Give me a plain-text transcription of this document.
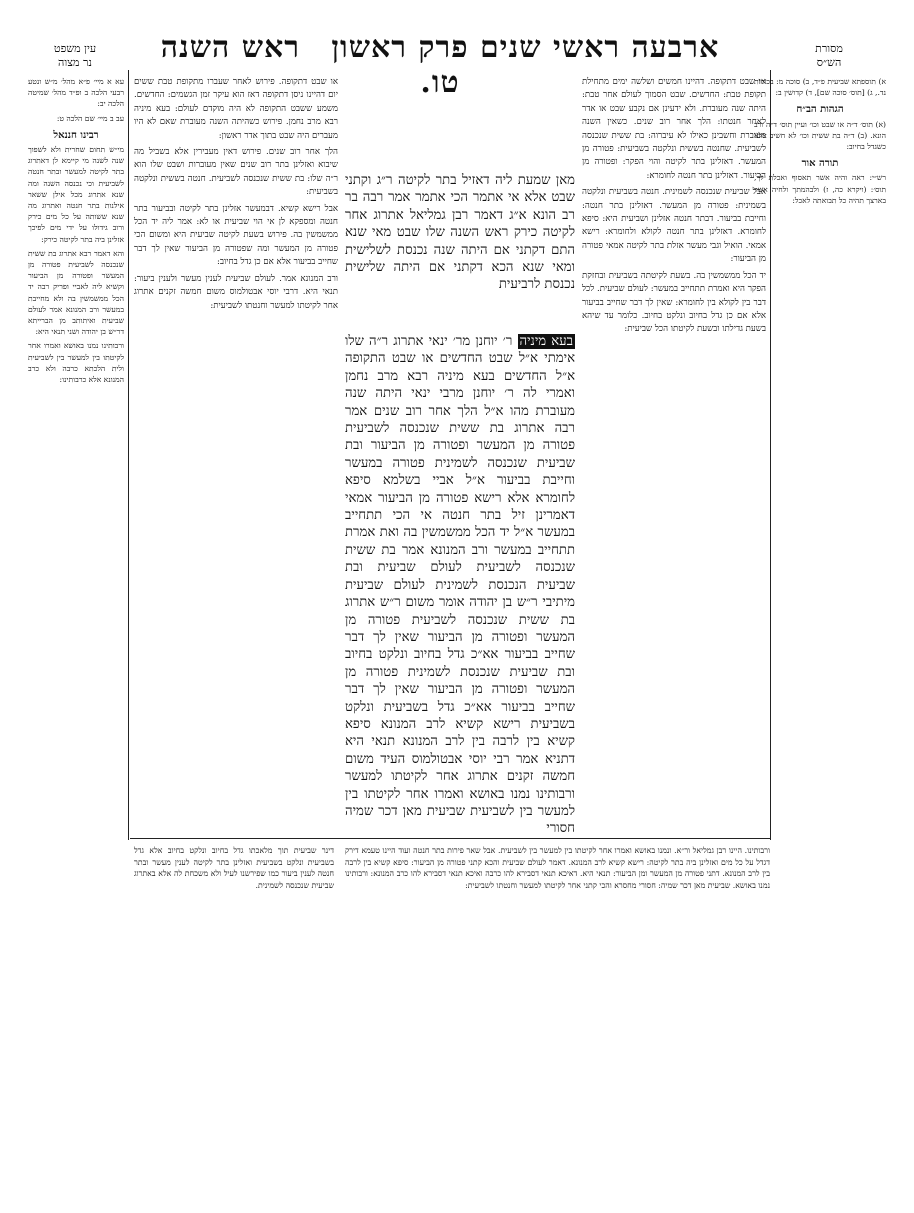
ארבעה ראשי שנים פרק ראשון ראש השנה טו.
עין משפט
נר מצוה
מסורת
הש״ס

א) תוספתא שביעית פ״ד, ב) סוכה מ: בכורות נד., ג) [תוס׳ סוכה שם], ד) קדושין ב:

הגהות הב״ח

(א) תוס׳ ד״ה או שבט וכו׳ ועיין תוס׳ ד״ה ורב הונא. (ב) ד״ה בת ששית וכו׳ לא חשיב אלא כשגדל בחיוב:

תורה אור

רש״י: ראה והיה אשר תאסוף ואכלת לך, תוס׳: (ויקרא כה, ז) ולבהמתך ולחיה אשר בארצך תהיה כל תבואתה לאכל:

עא א מיי׳ פ״א מהל׳ מ״ש ונטע רבעי הלכה ב ופ״ד מהל׳ שמיטה הלכה יב:

עב ב מיי׳ שם הלכה ט:

רבינו חננאל

מי״ש תחום שחרית ולא לשפוך שנה לשנה מי קיימא לן דאתרוג בתר לקיטה למעשר ובתר חנטה לשביעית וכי נכנסה השנה ומה שנא אתרוג מכל אילן ששאר אילנות בתר חנטה ואתרוג מה שנא ששותה על כל מים כירק ורוב גידולו על ידי מים לפיכך אזלינן ביה בתר לקיטה כירק:

והא דאמר רבא אתרוג בת ששית שנכנסה לשביעית פטורה מן המעשר ופטורה מן הביעור וקשיא ליה לאביי ופריק רבה יד הכל ממשמשין בה ולא מחייבת במעשר ורב המנונא אמר לעולם שביעית ואיתותב מן הברייתא דר״ש בן יהודה ושני תנאי היא:

ורבותינו נמנו באושא ואמרו אחר לקיטתו בין למעשר בין לשביעית ולית הלכתא כרבה ולא כרב המנונא אלא כרבותינו:

או שבט דתקופה. דהיינו חמשים ושלשה ימים מתחילת תקופת טבת: החדשים. שבט הסמוך לעולם אחר טבת: היתה שנה מעוברת. ולא ידעינן אם נקבע שבט או אדר לאחר חנטתו: הלך אחר רוב שנים. כשאין השנה מעוברת וחשבינן כאילו לא עיברוה: בת ששית שנכנסה לשביעית. שחנטה בששית ונלקטה בשביעית: פטורה מן המעשר. דאזלינן בתר לקיטה והוי הפקר: ופטורה מן הביעור. דאזלינן בתר חנטה לחומרא:

אבל שביעית שנכנסה לשמינית. חנטה בשביעית ונלקטה בשמינית: פטורה מן המעשר. דאזלינן בתר חנטה: וחייבת בביעור. דבתר חנטה אזלינן ושביעית היא: סיפא לחומרא. דאזלינן בתר חנטה לקולא ולחומרא: רישא אמאי. הואיל וגבי מעשר אזלת בתר לקיטה אמאי פטורה מן הביעור:

יד הכל ממשמשין בה. בשעת לקיטתה בשביעית ובחזקת הפקר היא ואמרת תתחייב במעשר: לעולם שביעית. לכל דבר בין לקולא בין לחומרא: שאין לך דבר שחייב בביעור אלא אם כן גדל בחיוב ונלקט בחיוב. כלומר עד שיהא בשעת גדילתו ובשעת לקיטתו הכל שביעית:

או שבט דתקופה. פירוש לאחר שעברו מתקופת טבת ששים יום דהיינו ניסן דתקופה דאז הוא עיקר זמן הגשמים: החדשים. משמע ששבט התקופה לא היה מוקדם לעולם: בעא מיניה רבא מרב נחמן. פירוש כשהיתה השנה מעוברת שאם לא היו מעברים היה שבט בתוך אדר ראשון:

הלך אחר רוב שנים. פירוש דאין מעבירין אלא בשביל מה שיבוא ואזלינן בתר רוב שנים שאין מעוברות ושבט שלו הוא ר״ה שלו: בת ששית שנכנסה לשביעית. חנטה בששית ונלקטה בשביעית:

אבל רישא קשיא. דבמעשר אזלינן בתר לקיטה ובביעור בתר חנטה ומספקא לן אי הוי שביעית או לא: אמר ליה יד הכל ממשמשין בה. פירוש בשעת לקיטה שביעית היא ומשום הכי פטורה מן המעשר ומה שפטורה מן הביעור שאין לך דבר שחייב בביעור אלא אם כן גדל בחיוב:

ורב המנונא אמר. לעולם שביעית לענין מעשר ולענין ביעור: תנאי היא. דרבי יוסי אבטולמוס משום חמשה זקנים אתרוג אחר לקיטתו למעשר וחנטתו לשביעית:

מאן שמעת ליה דאזיל בתר לקיטה ר״ג וקתני שבט אלא אי אתמר הכי אתמר אמר רבה בר רב הונא א״ג דאמר רבן גמליאל אתרוג אחר לקיטה כירק ראש השנה שלו שבט מאי שנא התם דקתני אם היתה שנה נכנסת לשלישית ומאי שנא הכא דקתני אם היתה שלישית נכנסת לרביעית
בעא מיניה ר׳ יוחנן מר׳ ינאי אתרוג ר״ה שלו אימתי א״ל שבט החדשים או שבט התקופה א״ל החדשים בעא מיניה רבא מרב נחמן ואמרי לה ר׳ יוחנן מרבי ינאי היתה שנה מעוברת מהו א״ל הלך אחר רוב שנים אמר רבה אתרוג בת ששית שנכנסה לשביעית פטורה מן המעשר ופטורה מן הביעור ובת שביעית שנכנסה לשמינית פטורה במעשר וחייבת בביעור א״ל אביי בשלמא סיפא לחומרא אלא רישא פטורה מן הביעור אמאי דאמרינן זיל בתר חנטה אי הכי תתחייב במעשר א״ל יד הכל ממשמשין בה ואת אמרת תתחייב במעשר ורב המנונא אמר בת ששית שנכנסה לשביעית לעולם שביעית ובת שביעית הנכנסת לשמינית לעולם שביעית מיתיבי ר״ש בן יהודה אומר משום ר״ש אתרוג בת ששית שנכנסה לשביעית פטורה מן המעשר ופטורה מן הביעור שאין לך דבר שחייב בביעור אא״כ גדל בחיוב ונלקט בחיוב ובת שביעית שנכנסת לשמינית פטורה מן המעשר ופטורה מן הביעור שאין לך דבר שחייב בביעור אא״כ גדל בשביעית ונלקט בשביעית רישא קשיא לרב המנונא סיפא קשיא בין לרבה בין לרב המנונא תנאי היא דתניא אמר רבי יוסי אבטולמוס העיד משום חמשה זקנים אתרוג אחר לקיטתו למעשר ורבותינו נמנו באושא ואמרו אחר לקיטתו בין למעשר בין לשביעית שביעית מאן דכר שמיה חסורי
דינר שביעית תוך מלאכתו גדל בחיוב ונלקט בחיוב אלא גדל בשביעית ונלקט בשביעית ואזלינן בתר לקיטה לענין מעשר ובתר חנטה לענין ביעור כמו שפירשנו לעיל ולא משכחת לה אלא באתרוג שביעית שנכנסה לשמינית.
ורבותינו. היינו רבן גמליאל ור״א. ונמנו באושא ואמרו אחר לקיטתו בין למעשר בין לשביעית. אבל שאר פירות בתר חנטה ועוד היינו טעמא דירק דגדל על כל מים ואזלינן ביה בתר לקיטה: רישא קשיא לרב המנונא. דאמר לעולם שביעית והכא קתני פטורה מן הביעור: סיפא קשיא בין לרבה בין לרב המנונא. דתני פטורה מן המעשר ומן הביעור: תנאי היא. דאיכא תנאי דסבירא להו כרבה ואיכא תנאי דסבירא להו כרב המנונא: ורבותינו נמנו באושא. שביעית מאן דכר שמיה: חסורי מחסרא והכי קתני אחר לקיטתו למעשר וחנטתו לשביעית:
